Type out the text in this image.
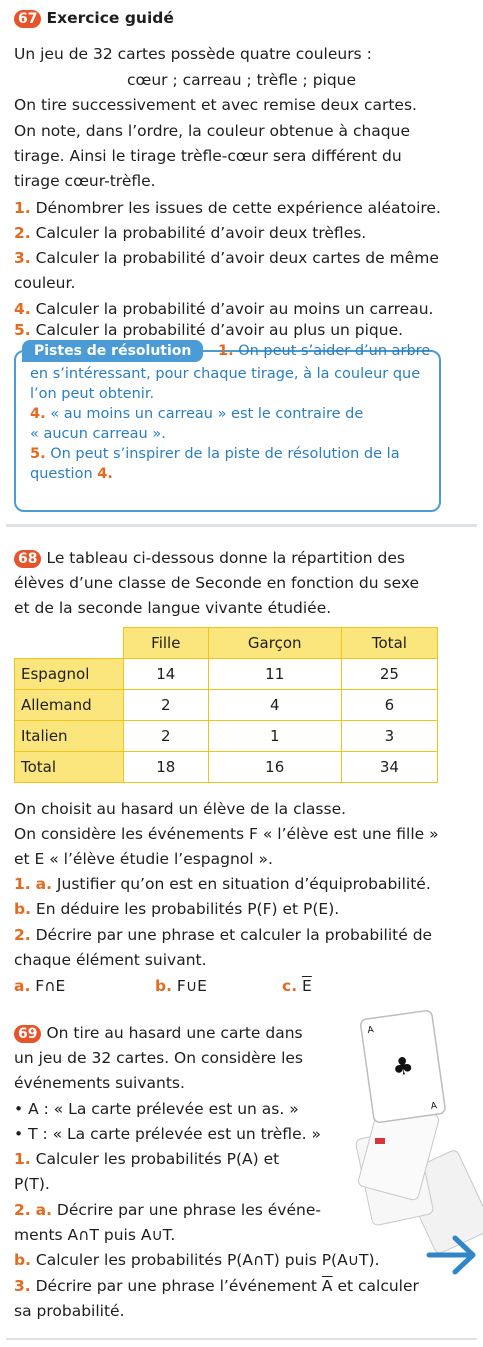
67 Exercice guidé
Un jeu de 32 cartes possède quatre couleurs :
cœur ; carreau ; trèfle ; pique
On tire successivement et avec remise deux cartes.
On note, dans l’ordre, la couleur obtenue à chaque
tirage. Ainsi le tirage trèfle-cœur sera différent du
tirage cœur-trèfle.
1. Dénombrer les issues de cette expérience aléatoire.
2. Calculer la probabilité d’avoir deux trèfles.
3. Calculer la probabilité d’avoir deux cartes de même
couleur.
4. Calculer la probabilité d’avoir au moins un carreau.
5. Calculer la probabilité d’avoir au plus un pique.
Pistes de résolution	1. On peut s’aider d’un arbre
en s’intéressant, pour chaque tirage, à la couleur que
l’on peut obtenir.
4. « au moins un carreau » est le contraire de
« aucun carreau ».
5. On peut s’inspirer de la piste de résolution de la
question 4.
68 Le tableau ci-dessous donne la répartition des
élèves d’une classe de Seconde en fonction du sexe
et de la seconde langue vivante étudiée.
	Fille	Garçon	Total
Espagnol	14	11	25
Allemand	2	4	6
Italien	2	1	3
Total	18	16	34
On choisit au hasard un élève de la classe.
On considère les événements F « l’élève est une fille »
et E « l’élève étudie l’espagnol ».
1. a. Justifier qu’on est en situation d’équiprobabilité.
b. En déduire les probabilités P(F) et P(E).
2. Décrire par une phrase et calculer la probabilité de
chaque élément suivant.
a. F∩E	b. F∪E	c. $\overline{E}$
69 On tire au hasard une carte dans
un jeu de 32 cartes. On considère les
événements suivants.
• A : « La carte prélevée est un as. »
• T : « La carte prélevée est un trèfle. »
1. Calculer les probabilités P(A) et
P(T).
2. a. Décrire par une phrase les événe-
ments A∩T puis A∪T.
b. Calculer les probabilités P(A∩T) puis P(A∪T).
3. Décrire par une phrase l’événement $\overline{A}$ et calculer
sa probabilité.
♣
A
A
